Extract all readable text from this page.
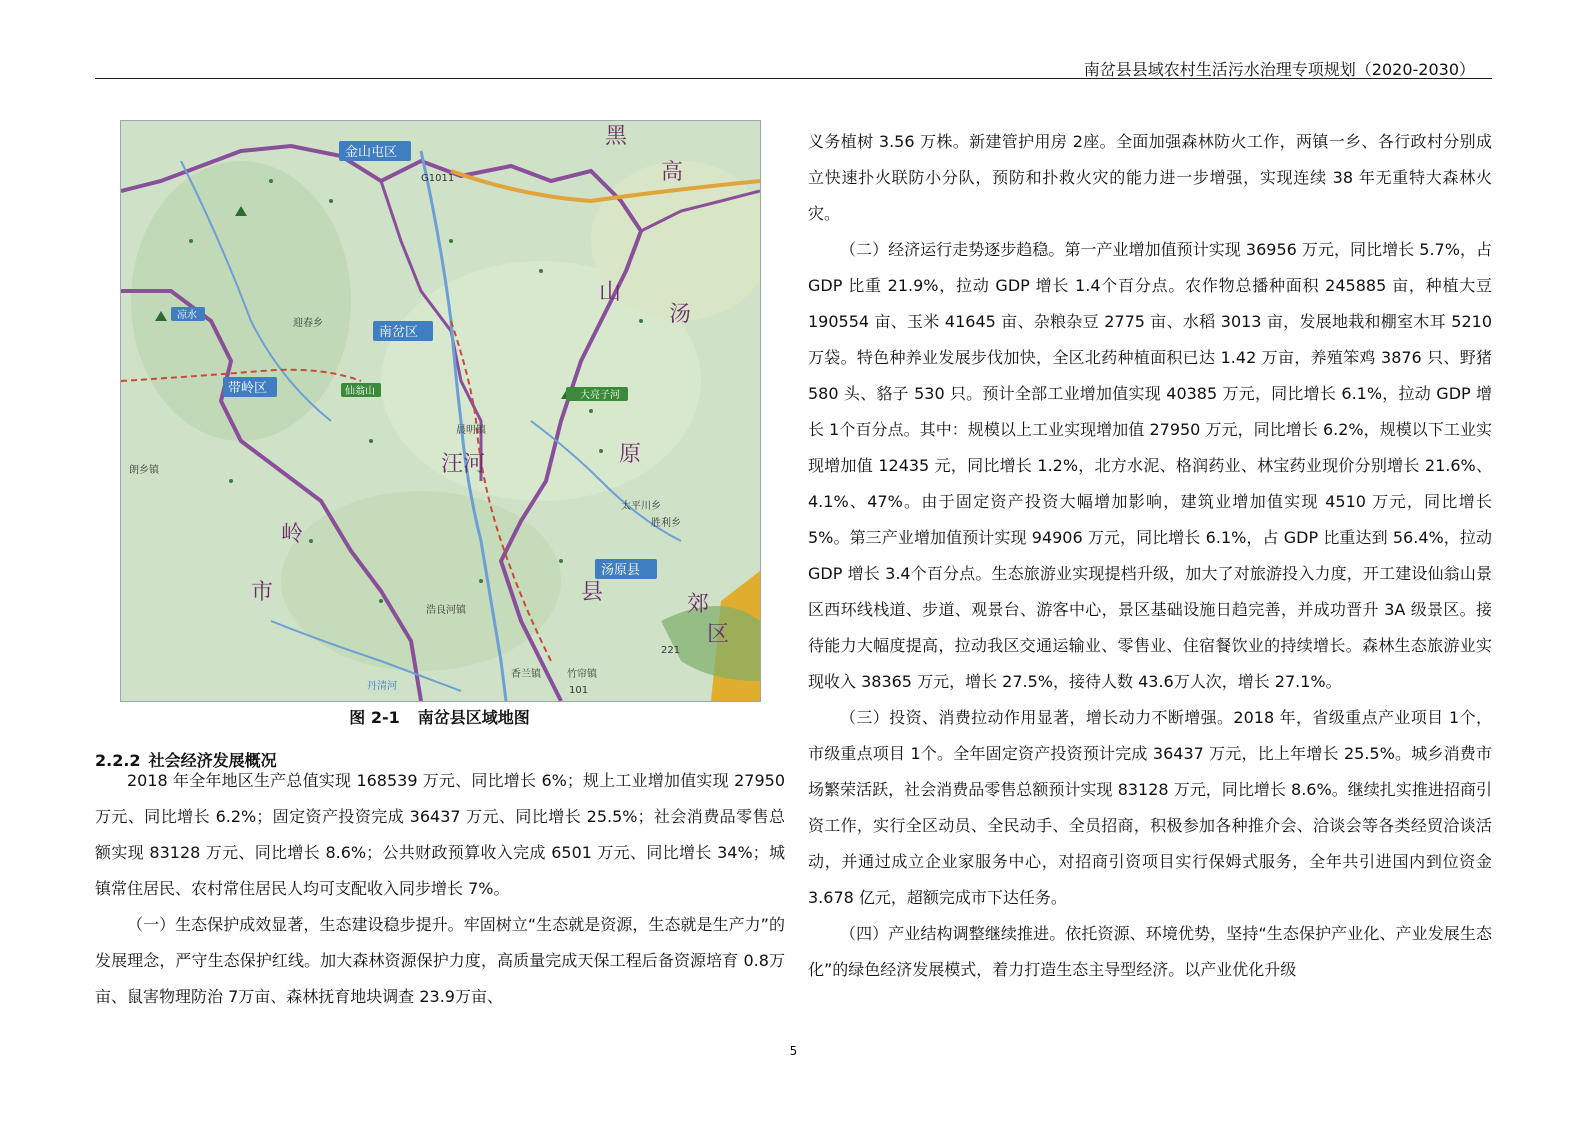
南岔县县域农村生活污水治理专项规划（2020-2030）
金山屯区
南岔区
带岭区
汤原县
凉水
大亮子河
仙翁山
晨明镇
迎春乡
浩良河镇
香兰镇	竹帘镇
胜利乡
太平川乡
朗乡镇
丹清河
G1011
221
101
黑
高
山
汤
汪河	原
岭
市	县	郊
区
图 2-1 南岔县区域地图
2.2.2 社会经济发展概况

2018 年全年地区生产总值实现 168539 万元、同比增长 6%；规上工业增加值实现 27950 万元、同比增长 6.2%；固定资产投资完成 36437 万元、同比增长 25.5%；社会消费品零售总额实现 83128 万元、同比增长 8.6%；公共财政预算收入完成 6501 万元、同比增长 34%；城镇常住居民、农村常住居民人均可支配收入同步增长 7%。

（一）生态保护成效显著，生态建设稳步提升。牢固树立“生态就是资源，生态就是生产力”的发展理念，严守生态保护红线。加大森林资源保护力度，高质量完成天保工程后备资源培育 0.8万亩、鼠害物理防治 7万亩、森林抚育地块调查 23.9万亩、

义务植树 3.56 万株。新建管护用房 2座。全面加强森林防火工作，两镇一乡、各行政村分别成立快速扑火联防小分队，预防和扑救火灾的能力进一步增强，实现连续 38 年无重特大森林火灾。

（二）经济运行走势逐步趋稳。第一产业增加值预计实现 36956 万元，同比增长 5.7%，占 GDP 比重 21.9%，拉动 GDP 增长 1.4个百分点。农作物总播种面积 245885 亩，种植大豆 190554 亩、玉米 41645 亩、杂粮杂豆 2775 亩、水稻 3013 亩，发展地栽和棚室木耳 5210 万袋。特色种养业发展步伐加快，全区北药种植面积已达 1.42 万亩，养殖笨鸡 3876 只、野猪 580 头、貉子 530 只。预计全部工业增加值实现 40385 万元，同比增长 6.1%，拉动 GDP 增长 1个百分点。其中：规模以上工业实现增加值 27950 万元，同比增长 6.2%，规模以下工业实现增加值 12435 元，同比增长 1.2%，北方水泥、格润药业、林宝药业现价分别增长 21.6%、4.1%、47%。由于固定资产投资大幅增加影响，建筑业增加值实现 4510 万元，同比增长 5%。第三产业增加值预计实现 94906 万元，同比增长 6.1%，占 GDP 比重达到 56.4%，拉动 GDP 增长 3.4个百分点。生态旅游业实现提档升级，加大了对旅游投入力度，开工建设仙翁山景区西环线栈道、步道、观景台、游客中心，景区基础设施日趋完善，并成功晋升 3A 级景区。接待能力大幅度提高，拉动我区交通运输业、零售业、住宿餐饮业的持续增长。森林生态旅游业实现收入 38365 万元，增长 27.5%，接待人数 43.6万人次，增长 27.1%。

（三）投资、消费拉动作用显著，增长动力不断增强。2018 年，省级重点产业项目 1个，市级重点项目 1个。全年固定资产投资预计完成 36437 万元，比上年增长 25.5%。城乡消费市场繁荣活跃，社会消费品零售总额预计实现 83128 万元，同比增长 8.6%。继续扎实推进招商引资工作，实行全区动员、全民动手、全员招商，积极参加各种推介会、洽谈会等各类经贸洽谈活动，并通过成立企业家服务中心，对招商引资项目实行保姆式服务，全年共引进国内到位资金 3.678 亿元，超额完成市下达任务。

（四）产业结构调整继续推进。依托资源、环境优势，坚持“生态保护产业化、产业发展生态化”的绿色经济发展模式，着力打造生态主导型经济。以产业优化升级

5
